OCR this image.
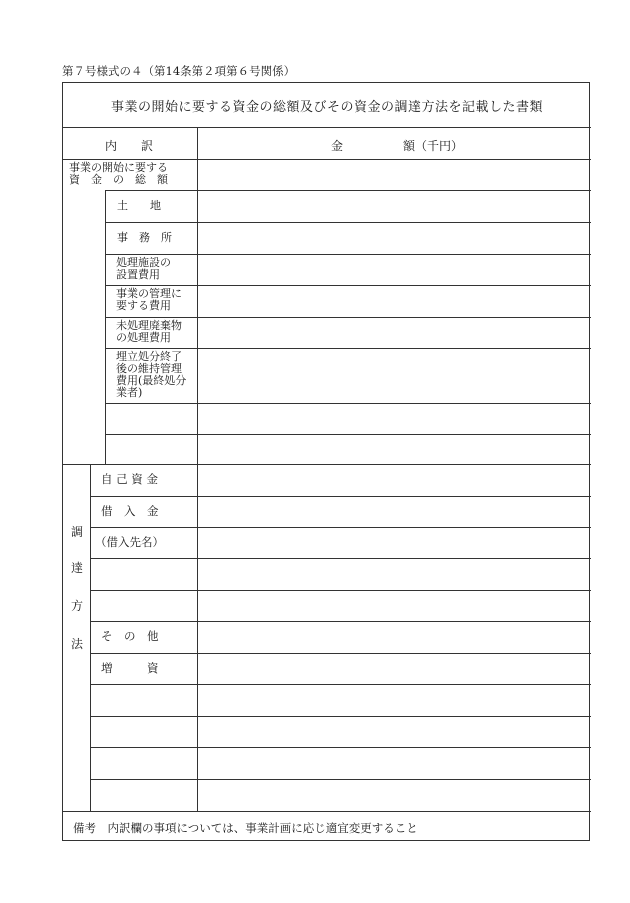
第７号様式の４（第14条第２項第６号関係）
事業の開始に要する資金の総額及びその資金の調達方法を記載した書類
内　　訳	金　　　　　額（千円）
事業の開始に要する
資　金　の　総　額
土　　地
事　務　所
処理施設の
設置費用
事業の管理に
要する費用
未処理廃棄物
の処理費用
埋立処分終了
後の維持管理
費用(最終処分
業者)
調
達
方
法
自 己 資 金
借　入　金
（借入先名）
そ　の　他
増　　　資
備考　内訳欄の事項については、事業計画に応じ適宜変更すること
